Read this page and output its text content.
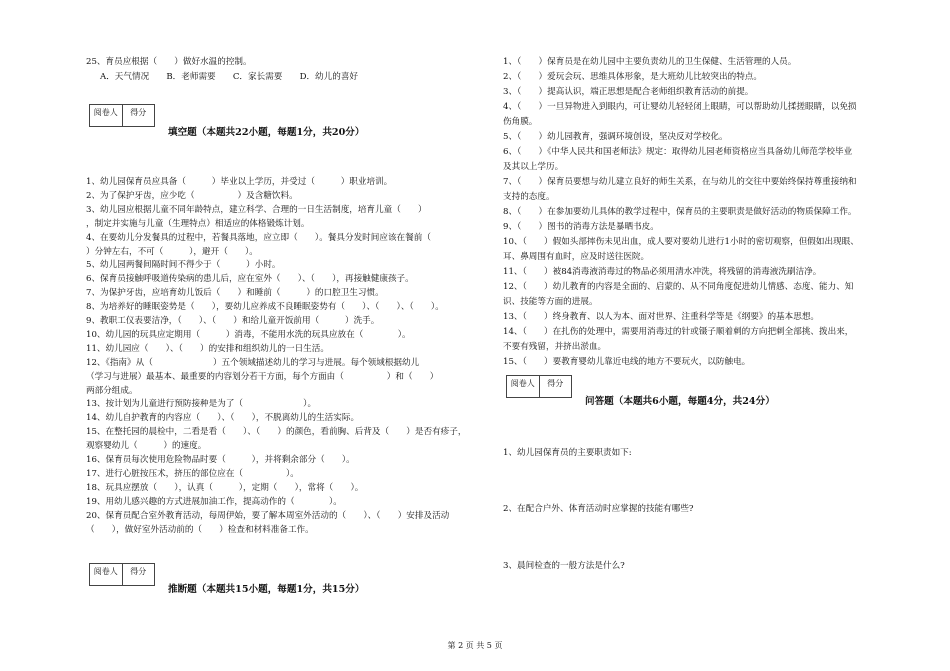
25、育员应根据（　　）做好水温的控制。
A．天气情况　　B．老师需要　　C．家长需要　　D．幼儿的喜好
阅卷人	得分
填空题（本题共22小题，每题1分，共20分）
1、幼儿园保育员应具备（　　　）毕业以上学历，并受过（　　　）职业培训。
2、为了保护牙齿，应少吃（　　　　　）及含糖饮料。
3、幼儿园应根据儿童不同年龄特点，建立科学、合理的一日生活制度，培育儿童（　　）
，制定并实施与儿童（生理特点）相适应的体格锻炼计划。
4、在要幼儿分发餐具的过程中，若餐具落地，应立即（　　）。餐具分发时间应该在餐前（　
）分钟左右，不可（　　　），避开（　　）。
5、幼儿园两餐间隔时间不得少于（　　　）小时。
6、保育员接触呼吸道传染病的患儿后，应在室外（　　）、（　　），再接触健康孩子。
7、为保护牙齿，应培育幼儿饭后（　　）和睡前（　　　）的口腔卫生习惯。
8、为培养好的睡眠姿势是（　　），要幼儿应养成不良睡眠姿势有（　　）、（　　）、（　　）。
9、教职工仪表要洁净，（　　）、（　　）和给儿童开饭前用（　　　）洗手。
10、幼儿园的玩具应定期用（　　　）消毒，不能用水洗的玩具应放在（　　　　）。
11、幼儿园应（　　）、（　　）的安排和组织幼儿的一日生活。
12、《指南》从（　　　　　　　）五个领域描述幼儿的学习与进展。每个领域根据幼儿
（学习与进展）最基本、最重要的内容划分若干方面，每个方面由（　　　　　）和（　　）
两部分组成。
13、按计划为儿童进行预防接种是为了（　　　　　　　）。
14、幼儿自护教育的内容应（　　）、（　　），不脱离幼儿的生活实际。
15、在整托园的晨检中，二看是看（　　）、（　　）的颜色，看前胸、后背及（　　）是否有疹子，
观察婴幼儿（　　　）的速度。
16、保育员每次使用危险物品时要（　　　），并将剩余部分（　　）。
17、进行心脏按压术，挤压的部位应在（　　　　　）。
18、玩具应摆放（　　），认真（　　　），定期（　　），常将（　　）。
19、用幼儿感兴趣的方式进展加油工作，提高动作的（　　　　）。
20、保育员配合室外教育活动，每周伊始，要了解本周室外活动的（　　）、（　　）安排及活动
（　　），做好室外活动前的（　　）检查和材料准备工作。
阅卷人	得分
推断题（本题共15小题，每题1分，共15分）
1、（　　）保育员是在幼儿园中主要负责幼儿的卫生保健、生活管理的人员。
2、（　　）爱玩会玩、思维具体形象，是大班幼儿比较突出的特点。
3、（　　）提高认识，端正思想是配合老师组织教育活动的前提。
4、（　　）一旦异物进入到眼内，可让婴幼儿轻轻闭上眼睛，可以帮助幼儿揉搓眼睛，以免损
伤角膜。
5、（　　）幼儿园教育，强调环境创设，坚决反对学校化。
6、（　　）《中华人民共和国老师法》规定：取得幼儿园老师资格应当具备幼儿师范学校毕业
及其以上学历。
7、（　　）保育员要想与幼儿建立良好的师生关系，在与幼儿的交往中要始终保持尊重接纳和
支持的态度。
8、（　　）在参加要幼儿具体的教学过程中，保育员的主要职责是做好活动的物质保障工作。
9、（　　）图书的消毒方法是暴晒书皮。
10、（　　）假如头部摔伤未见出血，成人要对要幼儿进行1小时的密切观察，但假如出现眼、
耳、鼻周围有血时，应及时送往医院。
11、（　　）被84消毒液消毒过的物品必须用清水冲洗，将残留的消毒液洗刷洁净。
12、（　　）幼儿教育的内容是全面的、启蒙的、从不同角度促进幼儿情感、态度、能力、知
识、技能等方面的进展。
13、（　　）终身教育、以人为本、面对世界、注重科学等是《纲要》的基本思想。
14、（　　）在扎伤的处理中，需要用消毒过的针或镊子顺着刺的方向把刺全部挑、拨出来，
不要有残留，并挤出淤血。
15、（　　）要教育婴幼儿靠近电线的地方不要玩火，以防触电。
阅卷人	得分
问答题（本题共6小题，每题4分，共24分）
1、幼儿园保育员的主要职责如下:
2、在配合户外、体育活动时应掌握的技能有哪些?
3、晨间检查的一般方法是什么?
第 2 页 共 5 页
